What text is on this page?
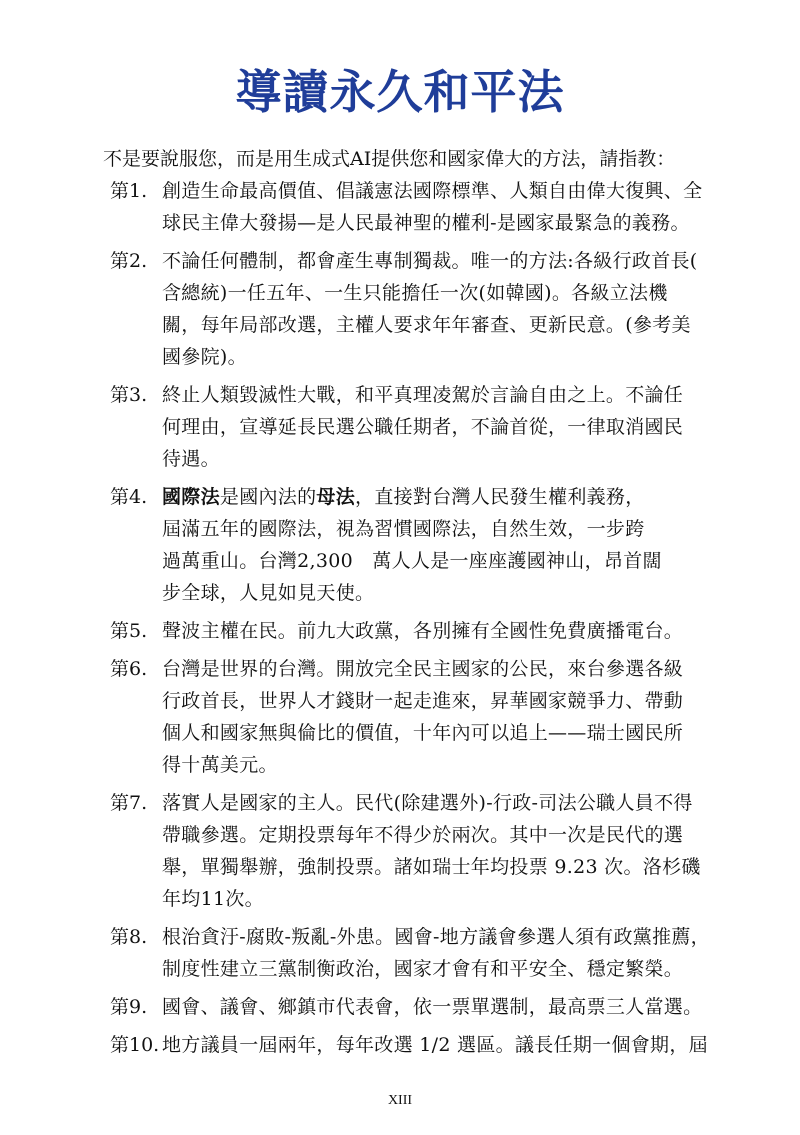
導讀永久和平法
不是要說服您，而是用生成式AI提供您和國家偉大的方法，請指教：
第1. 創造生命最高價值、倡議憲法國際標準、人類自由偉大復興、全
球民主偉大發揚—是人民最神聖的權利-是國家最緊急的義務。
第2. 不論任何體制，都會產生專制獨裁。唯一的方法:各級行政首長(
含總統)一任五年、一生只能擔任一次(如韓國)。各級立法機
關，每年局部改選，主權人要求年年審查、更新民意。(參考美
國參院)。
第3. 終止人類毀滅性大戰，和平真理凌駕於言論自由之上。不論任
何理由，宣導延長民選公職任期者，不論首從，一律取消國民
待遇。
第4. 國際法是國內法的母法，直接對台灣人民發生權利義務，
屆滿五年的國際法，視為習慣國際法，自然生效，一步跨
過萬重山。台灣2,300　萬人人是一座座護國神山，昂首闊
步全球，人見如見天使。
第5. 聲波主權在民。前九大政黨，各別擁有全國性免費廣播電台。
第6. 台灣是世界的台灣。開放完全民主國家的公民，來台參選各級
行政首長，世界人才錢財一起走進來，昇華國家競爭力、帶動
個人和國家無與倫比的價值，十年內可以追上——瑞士國民所
得十萬美元。
第7. 落實人是國家的主人。民代(除建選外)-行政-司法公職人員不得
帶職參選。定期投票每年不得少於兩次。其中一次是民代的選
舉，單獨舉辦，強制投票。諸如瑞士年均投票 9.23 次。洛杉磯
年均11次。
第8. 根治貪汙-腐敗-叛亂-外患。國會-地方議會參選人須有政黨推薦，
制度性建立三黨制衡政治，國家才會有和平安全、穩定繁榮。
第9. 國會、議會、鄉鎮市代表會，依一票單選制，最高票三人當選。
第10. 地方議員一屆兩年，每年改選 1/2 選區。議長任期一個會期，屆
XIII
